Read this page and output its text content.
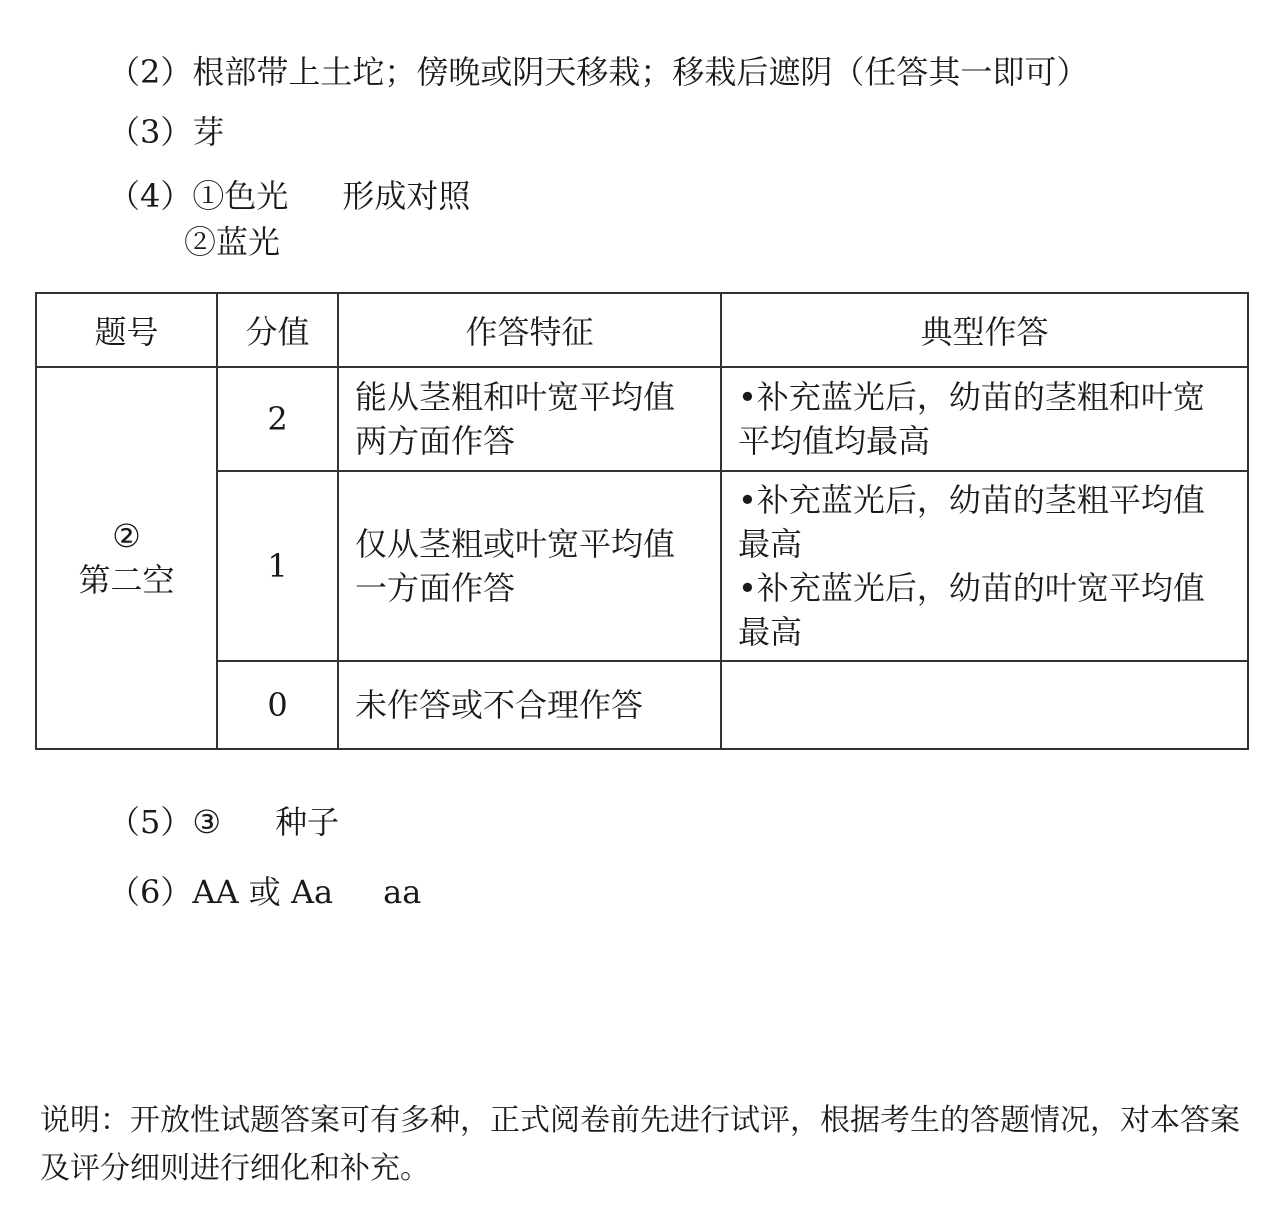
（2）根部带上土坨；傍晚或阴天移栽；移栽后遮阴（任答其一即可）
（3）芽
（4）①色光 形成对照
②蓝光
题号	分值	作答特征	典型作答

②
第二空	2	能从茎粗和叶宽平均值两方面作答	•补充蓝光后，幼苗的茎粗和叶宽平均值均最高

	1	仅从茎粗或叶宽平均值一方面作答	•补充蓝光后，幼苗的茎粗平均值最高
•补充蓝光后，幼苗的叶宽平均值最高

	0	未作答或不合理作答	

（5）③ 种子
（6）AA 或 Aa aa
说明：开放性试题答案可有多种，正式阅卷前先进行试评，根据考生的答题情况，对本答案及评分细则进行细化和补充。
